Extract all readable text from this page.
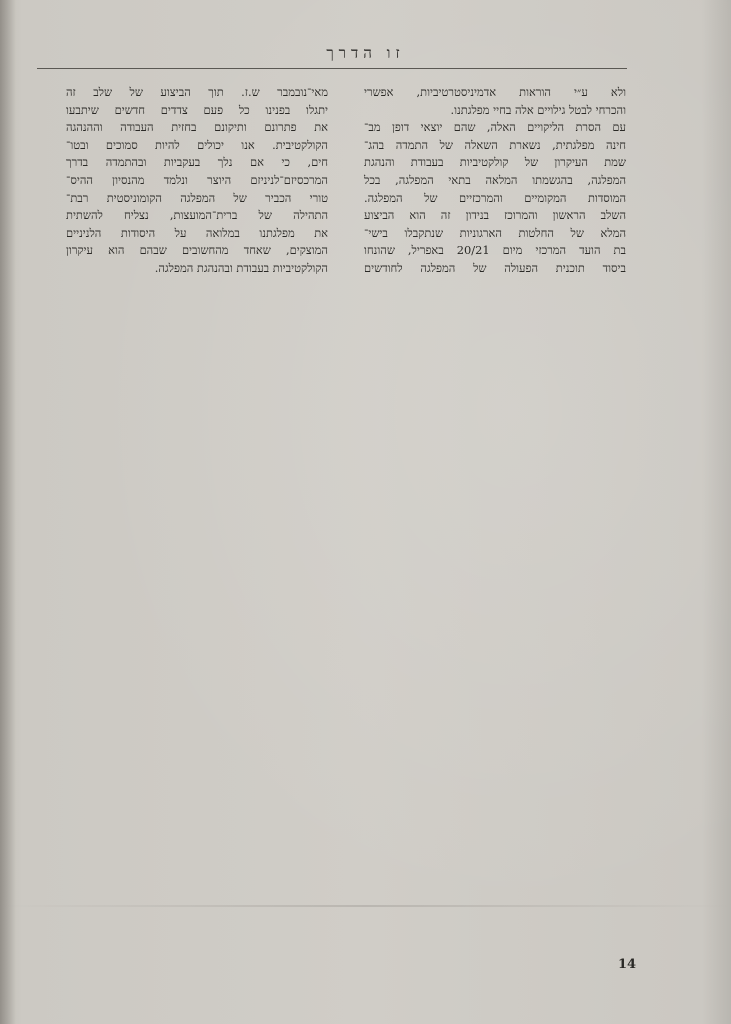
זו הדרך
ולא ע״י הוראות אדמיניסטרטיביות, אפשרי
והכרחי לבטל גילויים אלה בחיי מפלגתנו.
עם הסרת הליקויים האלה, שהם יוצאי דופן מב־
חינה מפלגתית, נשארת השאלה של התמדה בהג־
שמת העיקרון של קולקטיביות בעבודת והנהגת
המפלגה, בהגשמתו המלאה בתאי המפלגה, בכל
המוסדות המקומיים והמרכזיים של המפלגה.
השלב הראשון והמרוכז בנידון זה הוא הביצוע
המלא של החלטות הארגוניות שנתקבלו בישי־
בת הועד המרכזי מיום 20/21 באפריל, שהונחו
ביסוד תוכנית הפעולה של המפלגה לחודשים
מאי־נובמבר ש.ז. תוך הביצוע של שלב זה
יתגלו בפנינו כל פעם צדדים חדשים שיתבעו
את פתרונם ותיקונם בחזית העבודה וההנהגה
הקולקטיבית. אנו יכולים להיות סמוכים ובטו־
חים, כי אם נלך בעקביות ובהתמדה בדרך
המרכסיזם־לניניזם היוצר ונלמד מהנסיון ההיס־
טורי הכביר של המפלגה הקומוניסטית רבת־
התהילה של ברית־המועצות, נצליח להשתית
את מפלגתנו במלואה על היסודות הלניניים
המוצקים, שאחד מהחשובים שבהם הוא עיקרון
הקולקטיביות בעבודת ובהנהגת המפלגה.
14
